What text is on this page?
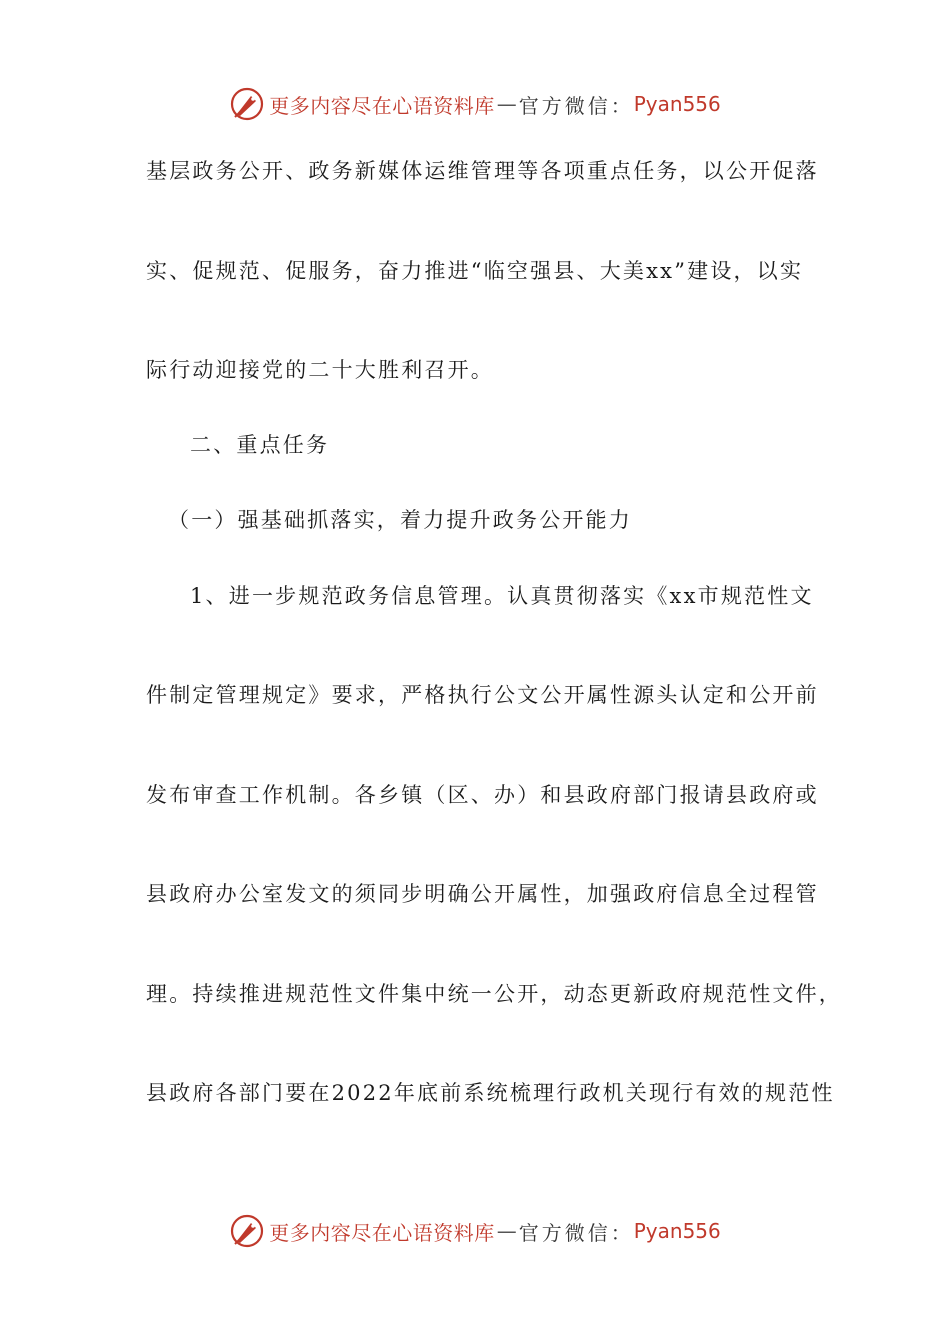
更多内容尽在心语资料库 — 官方微信： Pyan556
基层政务公开、政务新媒体运维管理等各项重点任务，以公开促落
实、促规范、促服务，奋力推进“临空强县、大美xx”建设，以实
际行动迎接党的二十大胜利召开。
二、重点任务
（一）强基础抓落实，着力提升政务公开能力
1、进一步规范政务信息管理。认真贯彻落实《xx市规范性文
件制定管理规定》要求，严格执行公文公开属性源头认定和公开前
发布审查工作机制。各乡镇（区、办）和县政府部门报请县政府或
县政府办公室发文的须同步明确公开属性，加强政府信息全过程管
理。持续推进规范性文件集中统一公开，动态更新政府规范性文件，
县政府各部门要在2022年底前系统梳理行政机关现行有效的规范性
更多内容尽在心语资料库 — 官方微信： Pyan556
